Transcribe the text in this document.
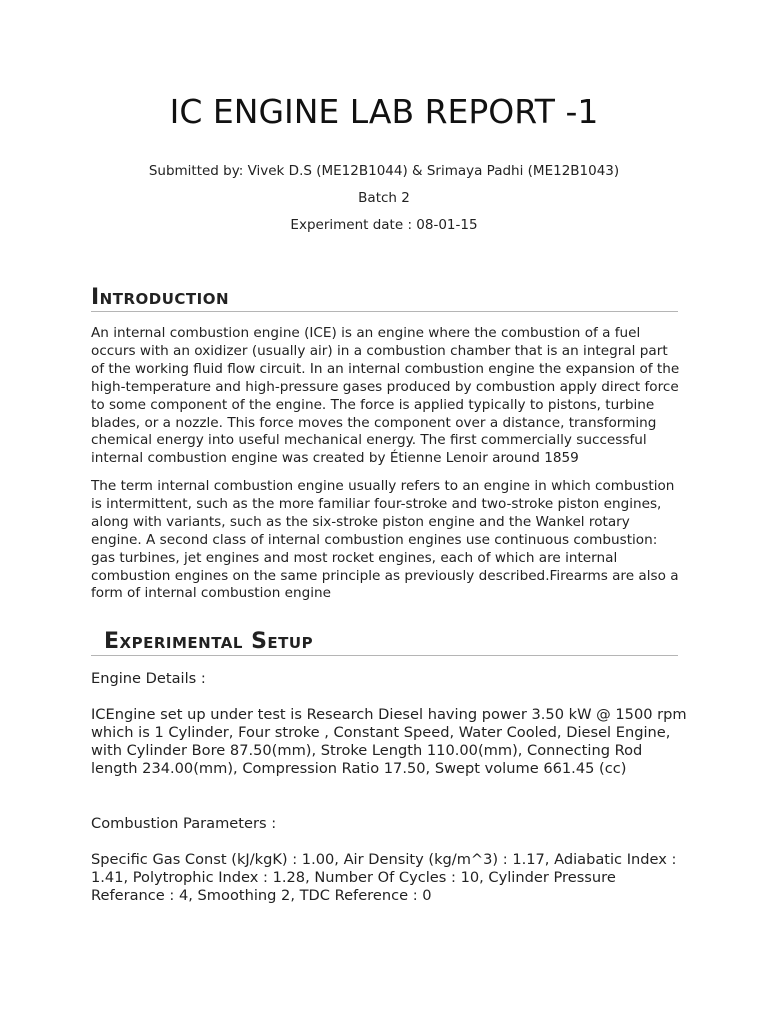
IC ENGINE LAB REPORT -1
Submitted by: Vivek D.S (ME12B1044) & Srimaya Padhi (ME12B1043)
Batch 2
Experiment date : 08-01-15
Introduction
An internal combustion engine (ICE) is an engine where the combustion of a fuel occurs with an oxidizer (usually air) in a combustion chamber that is an integral part of the working fluid flow circuit. In an internal combustion engine the expansion of the high-temperature and high-pressure gases produced by combustion apply direct force to some component of the engine. The force is applied typically to pistons, turbine blades, or a nozzle. This force moves the component over a distance, transforming chemical energy into useful mechanical energy. The first commercially successful internal combustion engine was created by Étienne Lenoir around 1859
The term internal combustion engine usually refers to an engine in which combustion is intermittent, such as the more familiar four-stroke and two-stroke piston engines, along with variants, such as the six-stroke piston engine and the Wankel rotary engine. A second class of internal combustion engines use continuous combustion: gas turbines, jet engines and most rocket engines, each of which are internal combustion engines on the same principle as previously described.Firearms are also a form of internal combustion engine
Experimental Setup
Engine Details :
ICEngine set up under test is Research Diesel having power 3.50 kW @ 1500 rpm which is 1 Cylinder, Four stroke , Constant Speed, Water Cooled, Diesel Engine, with Cylinder Bore 87.50(mm), Stroke Length 110.00(mm), Connecting Rod length 234.00(mm), Compression Ratio 17.50, Swept volume 661.45 (cc)
Combustion Parameters :
Specific Gas Const (kJ/kgK) : 1.00, Air Density (kg/m^3) : 1.17, Adiabatic Index : 1.41, Polytrophic Index : 1.28, Number Of Cycles : 10, Cylinder Pressure Referance : 4, Smoothing 2, TDC Reference : 0
